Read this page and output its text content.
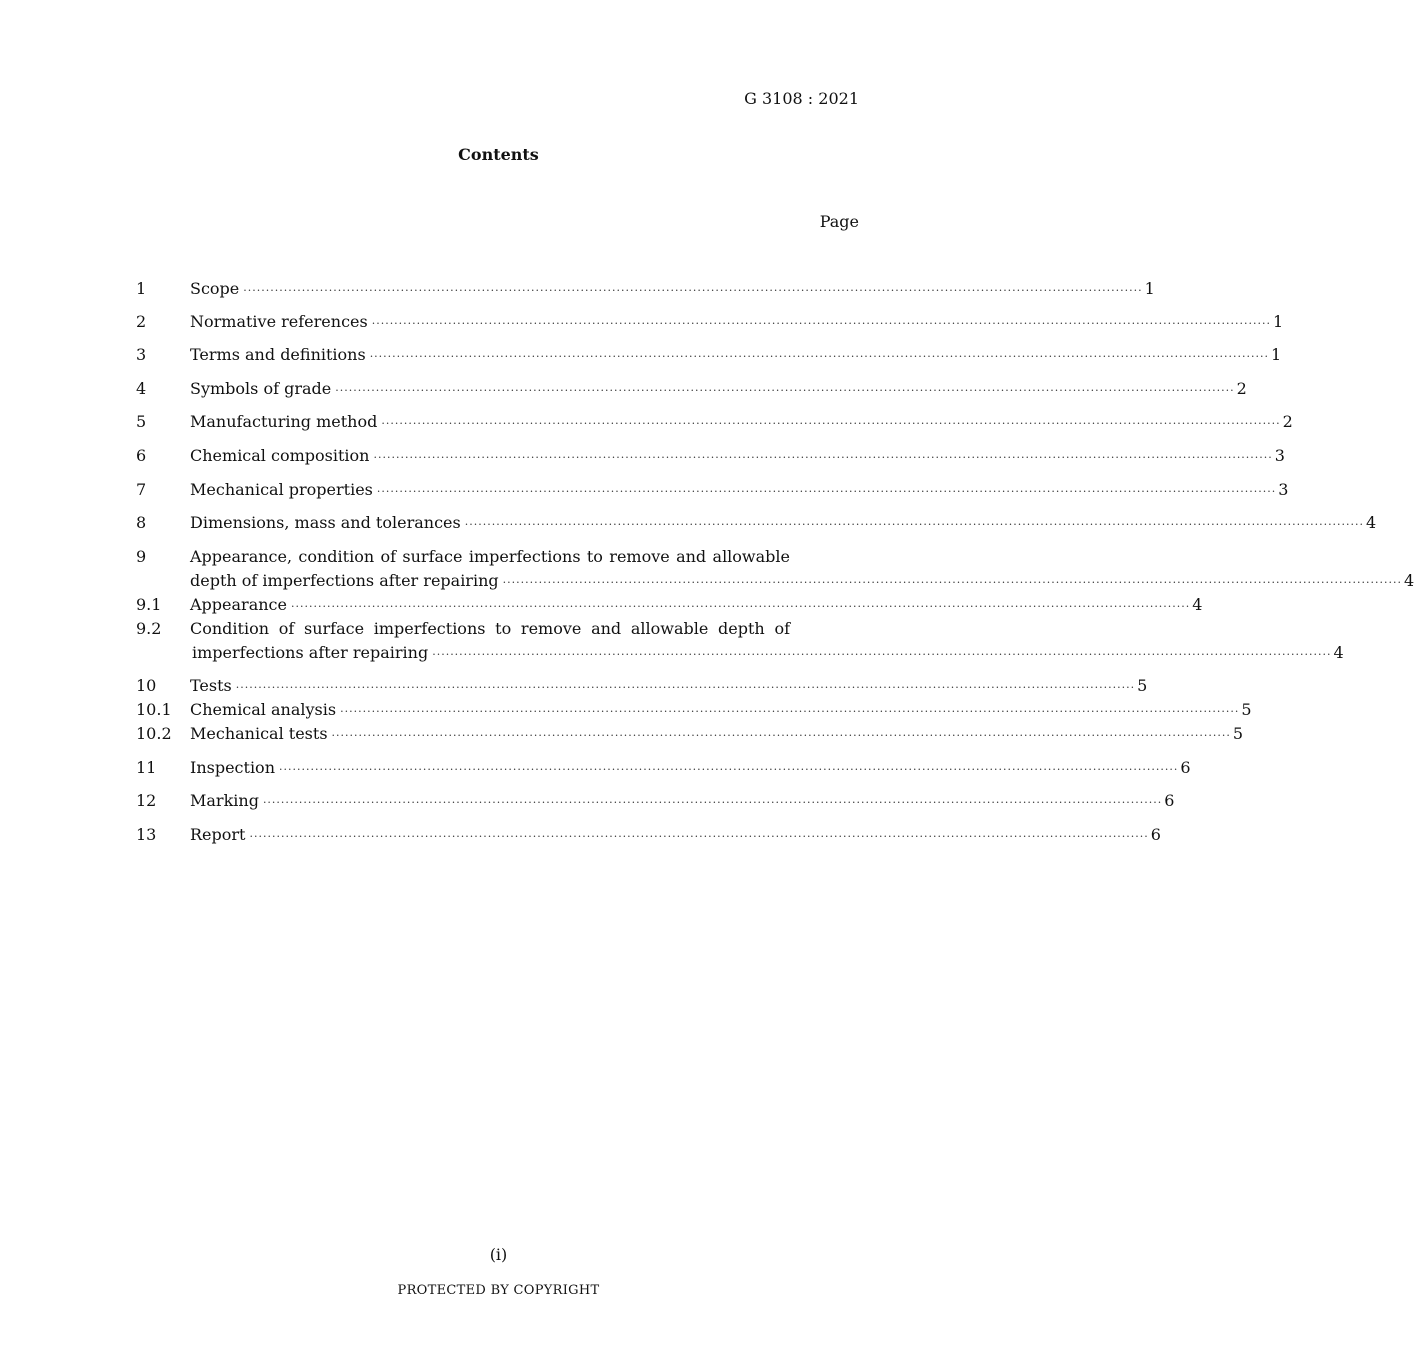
G 3108 : 2021
Contents
Page
1	Scope ········································································································································································································ 1
2	Normative references ········································································································································································································ 1
3	Terms and definitions ········································································································································································································ 1
4	Symbols of grade ········································································································································································································ 2
5	Manufacturing method ········································································································································································································ 2
6	Chemical composition ········································································································································································································ 3
7	Mechanical properties ········································································································································································································ 3
8	Dimensions, mass and tolerances ········································································································································································································ 4
9	Appearance, condition of surface imperfections to remove and allowable
depth of imperfections after repairing ········································································································································································································ 4
9.1 Appearance ········································································································································································································ 4
9.2 Condition of surface imperfections to remove and allowable depth of
imperfections after repairing ········································································································································································································ 4
10 Tests ········································································································································································································ 5
10.1 Chemical analysis ········································································································································································································ 5
10.2 Mechanical tests ········································································································································································································ 5
11 Inspection ········································································································································································································ 6
12 Marking ········································································································································································································ 6
13 Report ········································································································································································································ 6
(i)
PROTECTED BY COPYRIGHT
